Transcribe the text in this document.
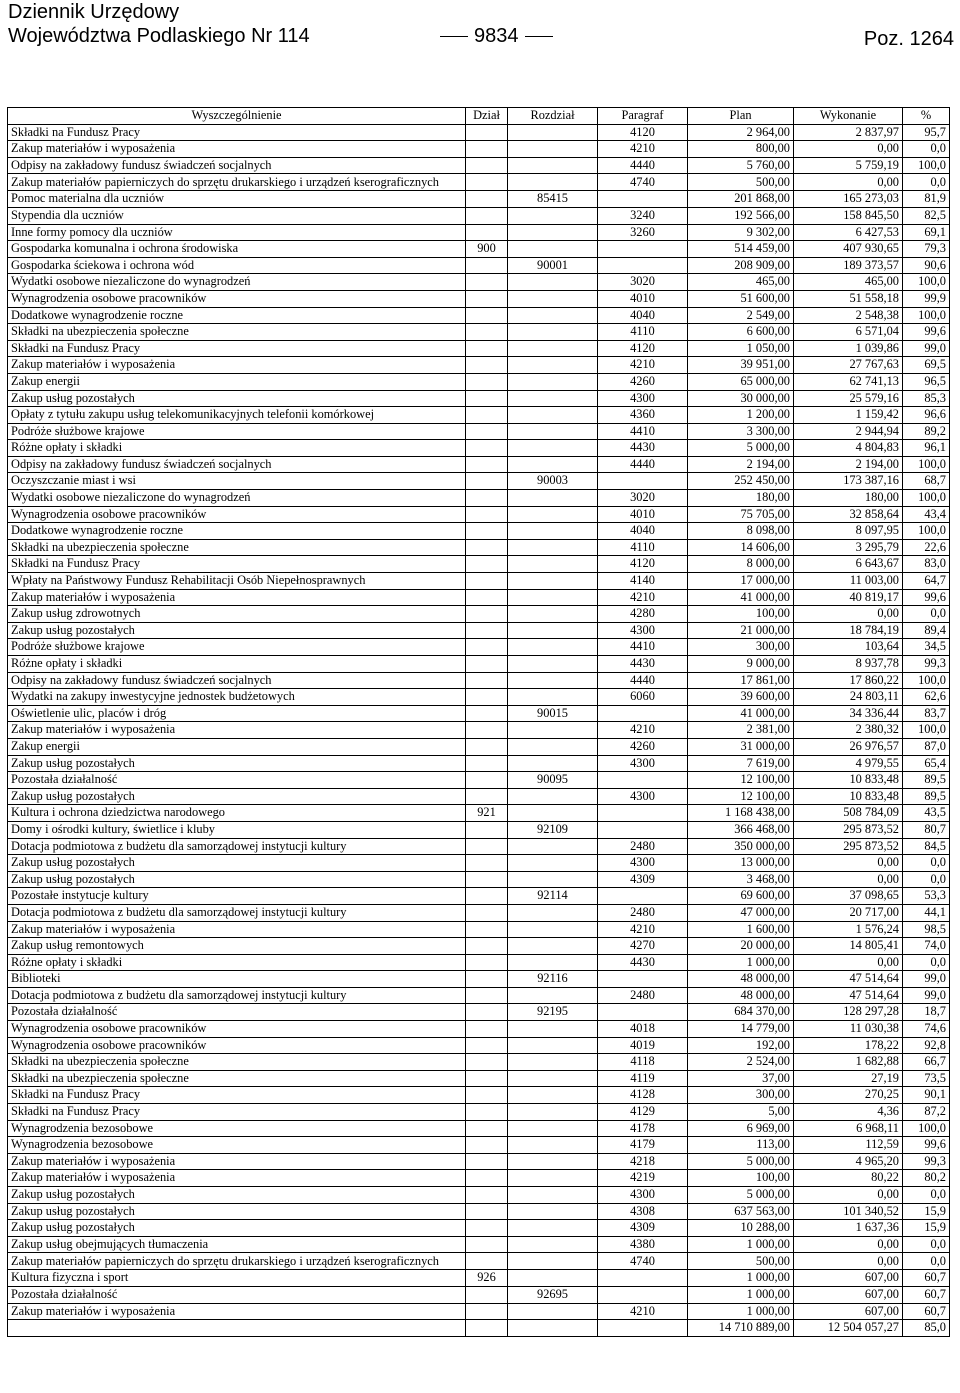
Dziennik Urzędowy
Województwa Podlaskiego Nr 114	9834	Poz. 1264
Wyszczególnienie	Dział	Rozdział	Paragraf	Plan	Wykonanie	%
Składki na Fundusz Pracy			4120	2 964,00	2 837,97	95,7
Zakup materiałów i wyposażenia			4210	800,00	0,00	0,0
Odpisy na zakładowy fundusz świadczeń socjalnych			4440	5 760,00	5 759,19	100,0
Zakup materiałów papierniczych do sprzętu drukarskiego i urządzeń kserograficznych			4740	500,00	0,00	0,0
Pomoc materialna dla uczniów		85415		201 868,00	165 273,03	81,9
Stypendia dla uczniów			3240	192 566,00	158 845,50	82,5
Inne formy pomocy dla uczniów			3260	9 302,00	6 427,53	69,1
Gospodarka komunalna i ochrona środowiska	900			514 459,00	407 930,65	79,3
Gospodarka ściekowa i ochrona wód		90001		208 909,00	189 373,57	90,6
Wydatki osobowe niezaliczone do wynagrodzeń			3020	465,00	465,00	100,0
Wynagrodzenia osobowe pracowników			4010	51 600,00	51 558,18	99,9
Dodatkowe wynagrodzenie roczne			4040	2 549,00	2 548,38	100,0
Składki na ubezpieczenia społeczne			4110	6 600,00	6 571,04	99,6
Składki na Fundusz Pracy			4120	1 050,00	1 039,86	99,0
Zakup materiałów i wyposażenia			4210	39 951,00	27 767,63	69,5
Zakup energii			4260	65 000,00	62 741,13	96,5
Zakup usług pozostałych			4300	30 000,00	25 579,16	85,3
Opłaty z tytułu zakupu usług telekomunikacyjnych telefonii komórkowej			4360	1 200,00	1 159,42	96,6
Podróże służbowe krajowe			4410	3 300,00	2 944,94	89,2
Różne opłaty i składki			4430	5 000,00	4 804,83	96,1
Odpisy na zakładowy fundusz świadczeń socjalnych			4440	2 194,00	2 194,00	100,0
Oczyszczanie miast i wsi		90003		252 450,00	173 387,16	68,7
Wydatki osobowe niezaliczone do wynagrodzeń			3020	180,00	180,00	100,0
Wynagrodzenia osobowe pracowników			4010	75 705,00	32 858,64	43,4
Dodatkowe wynagrodzenie roczne			4040	8 098,00	8 097,95	100,0
Składki na ubezpieczenia społeczne			4110	14 606,00	3 295,79	22,6
Składki na Fundusz Pracy			4120	8 000,00	6 643,67	83,0
Wpłaty na Państwowy Fundusz Rehabilitacji Osób Niepełnosprawnych			4140	17 000,00	11 003,00	64,7
Zakup materiałów i wyposażenia			4210	41 000,00	40 819,17	99,6
Zakup usług zdrowotnych			4280	100,00	0,00	0,0
Zakup usług pozostałych			4300	21 000,00	18 784,19	89,4
Podróże służbowe krajowe			4410	300,00	103,64	34,5
Różne opłaty i składki			4430	9 000,00	8 937,78	99,3
Odpisy na zakładowy fundusz świadczeń socjalnych			4440	17 861,00	17 860,22	100,0
Wydatki na zakupy inwestycyjne jednostek budżetowych			6060	39 600,00	24 803,11	62,6
Oświetlenie ulic, placów i dróg		90015		41 000,00	34 336,44	83,7
Zakup materiałów i wyposażenia			4210	2 381,00	2 380,32	100,0
Zakup energii			4260	31 000,00	26 976,57	87,0
Zakup usług pozostałych			4300	7 619,00	4 979,55	65,4
Pozostała działalność		90095		12 100,00	10 833,48	89,5
Zakup usług pozostałych			4300	12 100,00	10 833,48	89,5
Kultura i ochrona dziedzictwa narodowego	921			1 168 438,00	508 784,09	43,5
Domy i ośrodki kultury, świetlice i kluby		92109		366 468,00	295 873,52	80,7
Dotacja podmiotowa z budżetu dla samorządowej instytucji kultury			2480	350 000,00	295 873,52	84,5
Zakup usług pozostałych			4300	13 000,00	0,00	0,0
Zakup usług pozostałych			4309	3 468,00	0,00	0,0
Pozostałe instytucje kultury		92114		69 600,00	37 098,65	53,3
Dotacja podmiotowa z budżetu dla samorządowej instytucji kultury			2480	47 000,00	20 717,00	44,1
Zakup materiałów i wyposażenia			4210	1 600,00	1 576,24	98,5
Zakup usług remontowych			4270	20 000,00	14 805,41	74,0
Różne opłaty i składki			4430	1 000,00	0,00	0,0
Biblioteki		92116		48 000,00	47 514,64	99,0
Dotacja podmiotowa z budżetu dla samorządowej instytucji kultury			2480	48 000,00	47 514,64	99,0
Pozostała działalność		92195		684 370,00	128 297,28	18,7
Wynagrodzenia osobowe pracowników			4018	14 779,00	11 030,38	74,6
Wynagrodzenia osobowe pracowników			4019	192,00	178,22	92,8
Składki na ubezpieczenia społeczne			4118	2 524,00	1 682,88	66,7
Składki na ubezpieczenia społeczne			4119	37,00	27,19	73,5
Składki na Fundusz Pracy			4128	300,00	270,25	90,1
Składki na Fundusz Pracy			4129	5,00	4,36	87,2
Wynagrodzenia bezosobowe			4178	6 969,00	6 968,11	100,0
Wynagrodzenia bezosobowe			4179	113,00	112,59	99,6
Zakup materiałów i wyposażenia			4218	5 000,00	4 965,20	99,3
Zakup materiałów i wyposażenia			4219	100,00	80,22	80,2
Zakup usług pozostałych			4300	5 000,00	0,00	0,0
Zakup usług pozostałych			4308	637 563,00	101 340,52	15,9
Zakup usług pozostałych			4309	10 288,00	1 637,36	15,9
Zakup usług obejmujących tłumaczenia			4380	1 000,00	0,00	0,0
Zakup materiałów papierniczych do sprzętu drukarskiego i urządzeń kserograficznych			4740	500,00	0,00	0,0
Kultura fizyczna i sport	926			1 000,00	607,00	60,7
Pozostała działalność		92695		1 000,00	607,00	60,7
Zakup materiałów i wyposażenia			4210	1 000,00	607,00	60,7
				14 710 889,00	12 504 057,27	85,0
